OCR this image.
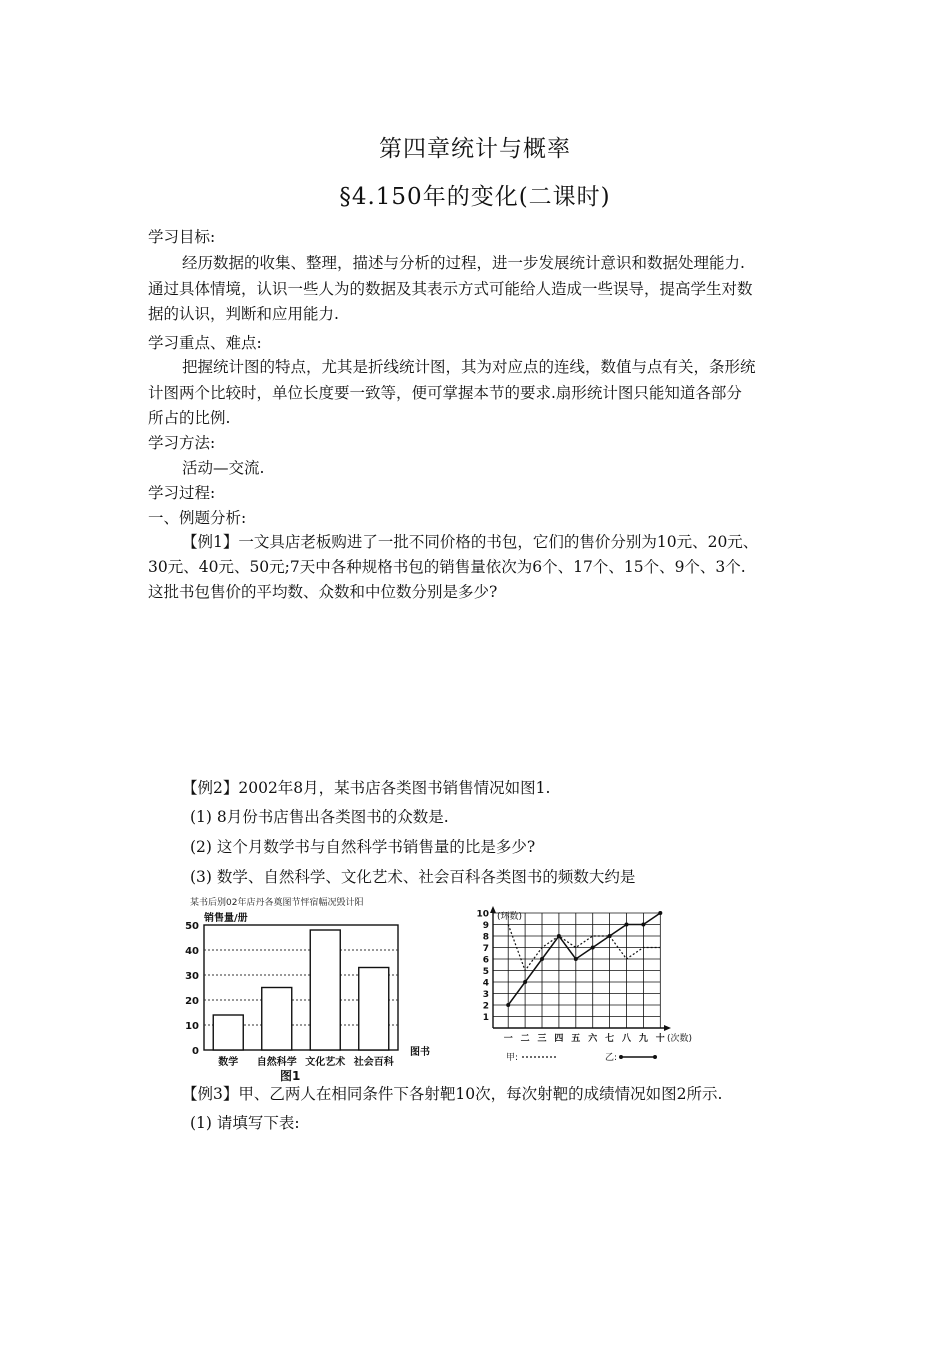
第四章统计与概率
§4.150年的变化(二课时)
学习目标:
经历数据的收集、整理，描述与分析的过程，进一步发展统计意识和数据处理能力.
通过具体情境，认识一些人为的数据及其表示方式可能给人造成一些误导，提高学生对数
据的认识，判断和应用能力.
学习重点、难点:
把握统计图的特点，尤其是折线统计图，其为对应点的连线，数值与点有关，条形统
计图两个比较时，单位长度要一致等，便可掌握本节的要求.扇形统计图只能知道各部分
所占的比例.
学习方法:
活动—交流.
学习过程:
一、例题分析:
【例1】一文具店老板购进了一批不同价格的书包，它们的售价分别为10元、20元、
30元、40元、50元;7天中各种规格书包的销售量依次为6个、17个、15个、9个、3个.
这批书包售价的平均数、众数和中位数分别是多少?
【例2】2002年8月，某书店各类图书销售情况如图1.
(1) 8月份书店售出各类图书的众数是.
(2) 这个月数学书与自然科学书销售量的比是多少?
(3) 数学、自然科学、文化艺术、社会百科各类图书的频数大约是
某书后别02年店丹各奠图节怦宿幅况毁计阳
销售量/册
0
10
20
30
40
50
数学 自然科学 文化艺术 社会百科
图书
图1
(环数)
1
2
3
4
5
6
7
8
9
10
一 二 三 四 五 六 七 八 九 十 (次数)
甲:	乙:
【例3】甲、乙两人在相同条件下各射靶10次，每次射靶的成绩情况如图2所示.
(1) 请填写下表:
